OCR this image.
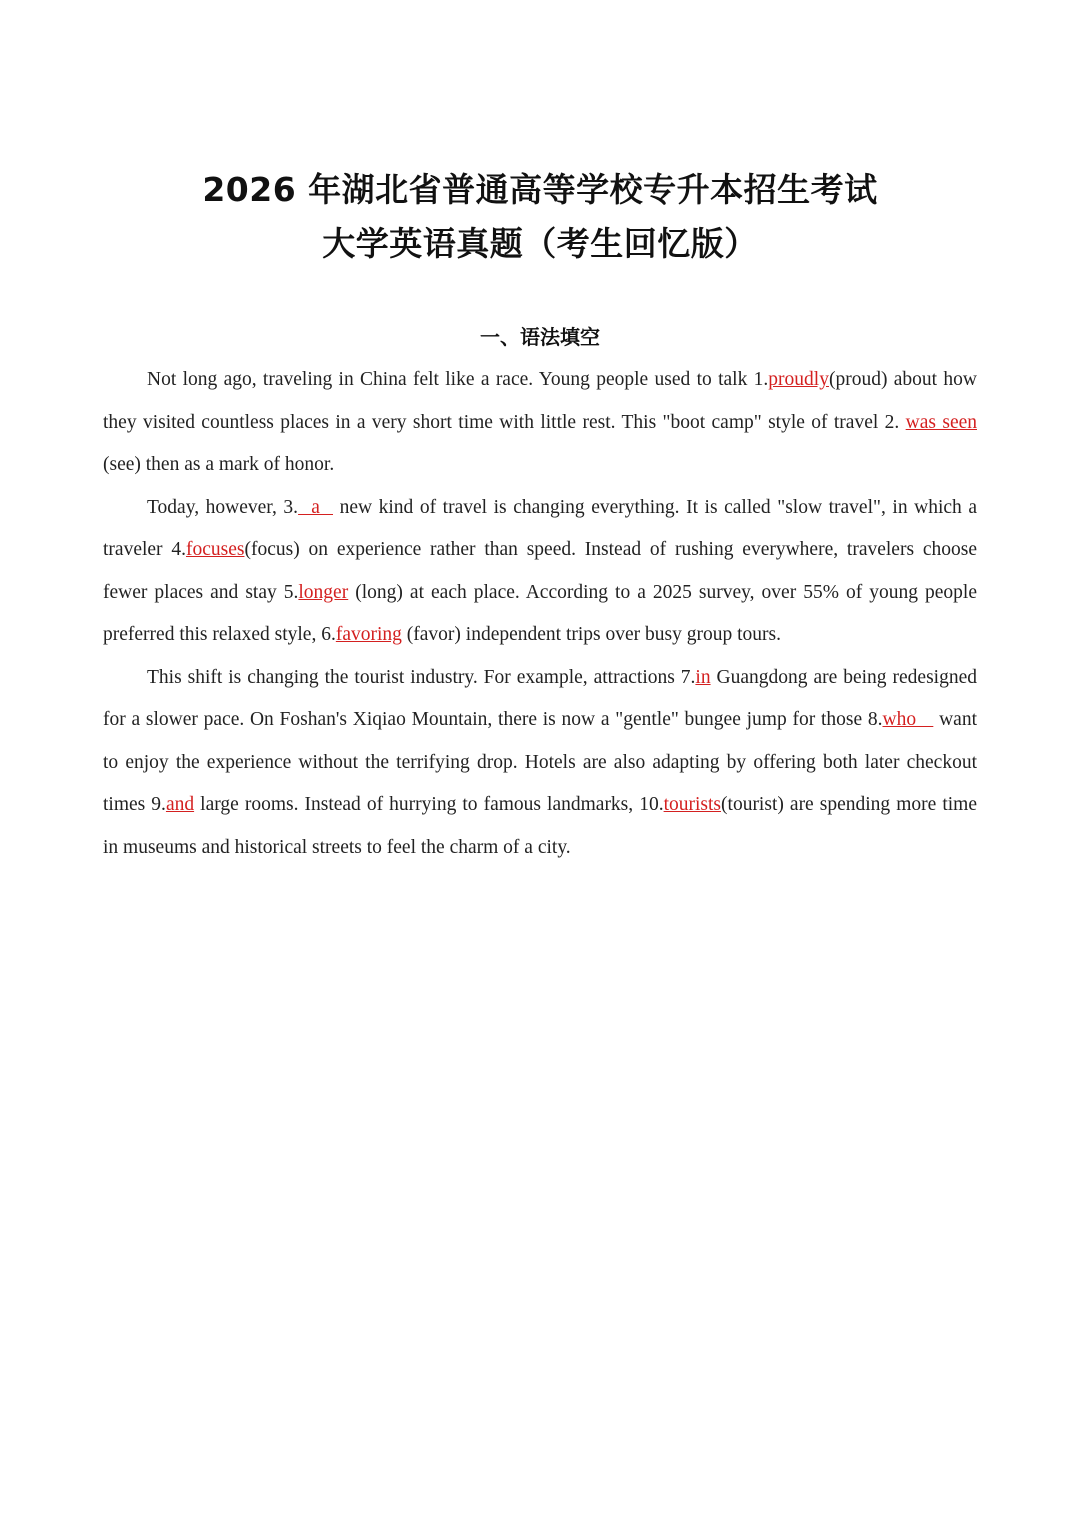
2026 年湖北省普通高等学校专升本招生考试
大学英语真题（考生回忆版）
一、语法填空

Not long ago, traveling in China felt like a race. Young people used to talk 1.proudly(proud) about how they visited countless places in a very short time with little rest. This "boot camp" style of travel 2. was seen (see) then as a mark of honor.

Today, however, 3.  a   new kind of travel is changing everything. It is called "slow travel", in which a traveler 4.focuses(focus) on experience rather than speed. Instead of rushing everywhere, travelers choose fewer places and stay 5.longer (long) at each place. According to a 2025 survey, over 55% of young people preferred this relaxed style, 6.favoring (favor) independent trips over busy group tours.

This shift is changing the tourist industry. For example, attractions 7.in Guangdong are being redesigned for a slower pace. On Foshan's Xiqiao Mountain, there is now a "gentle" bungee jump for those 8.who    want to enjoy the experience without the terrifying drop. Hotels are also adapting by offering both later checkout times 9.and large rooms. Instead of hurrying to famous landmarks, 10.tourists(tourist) are spending more time in museums and historical streets to feel the charm of a city.
